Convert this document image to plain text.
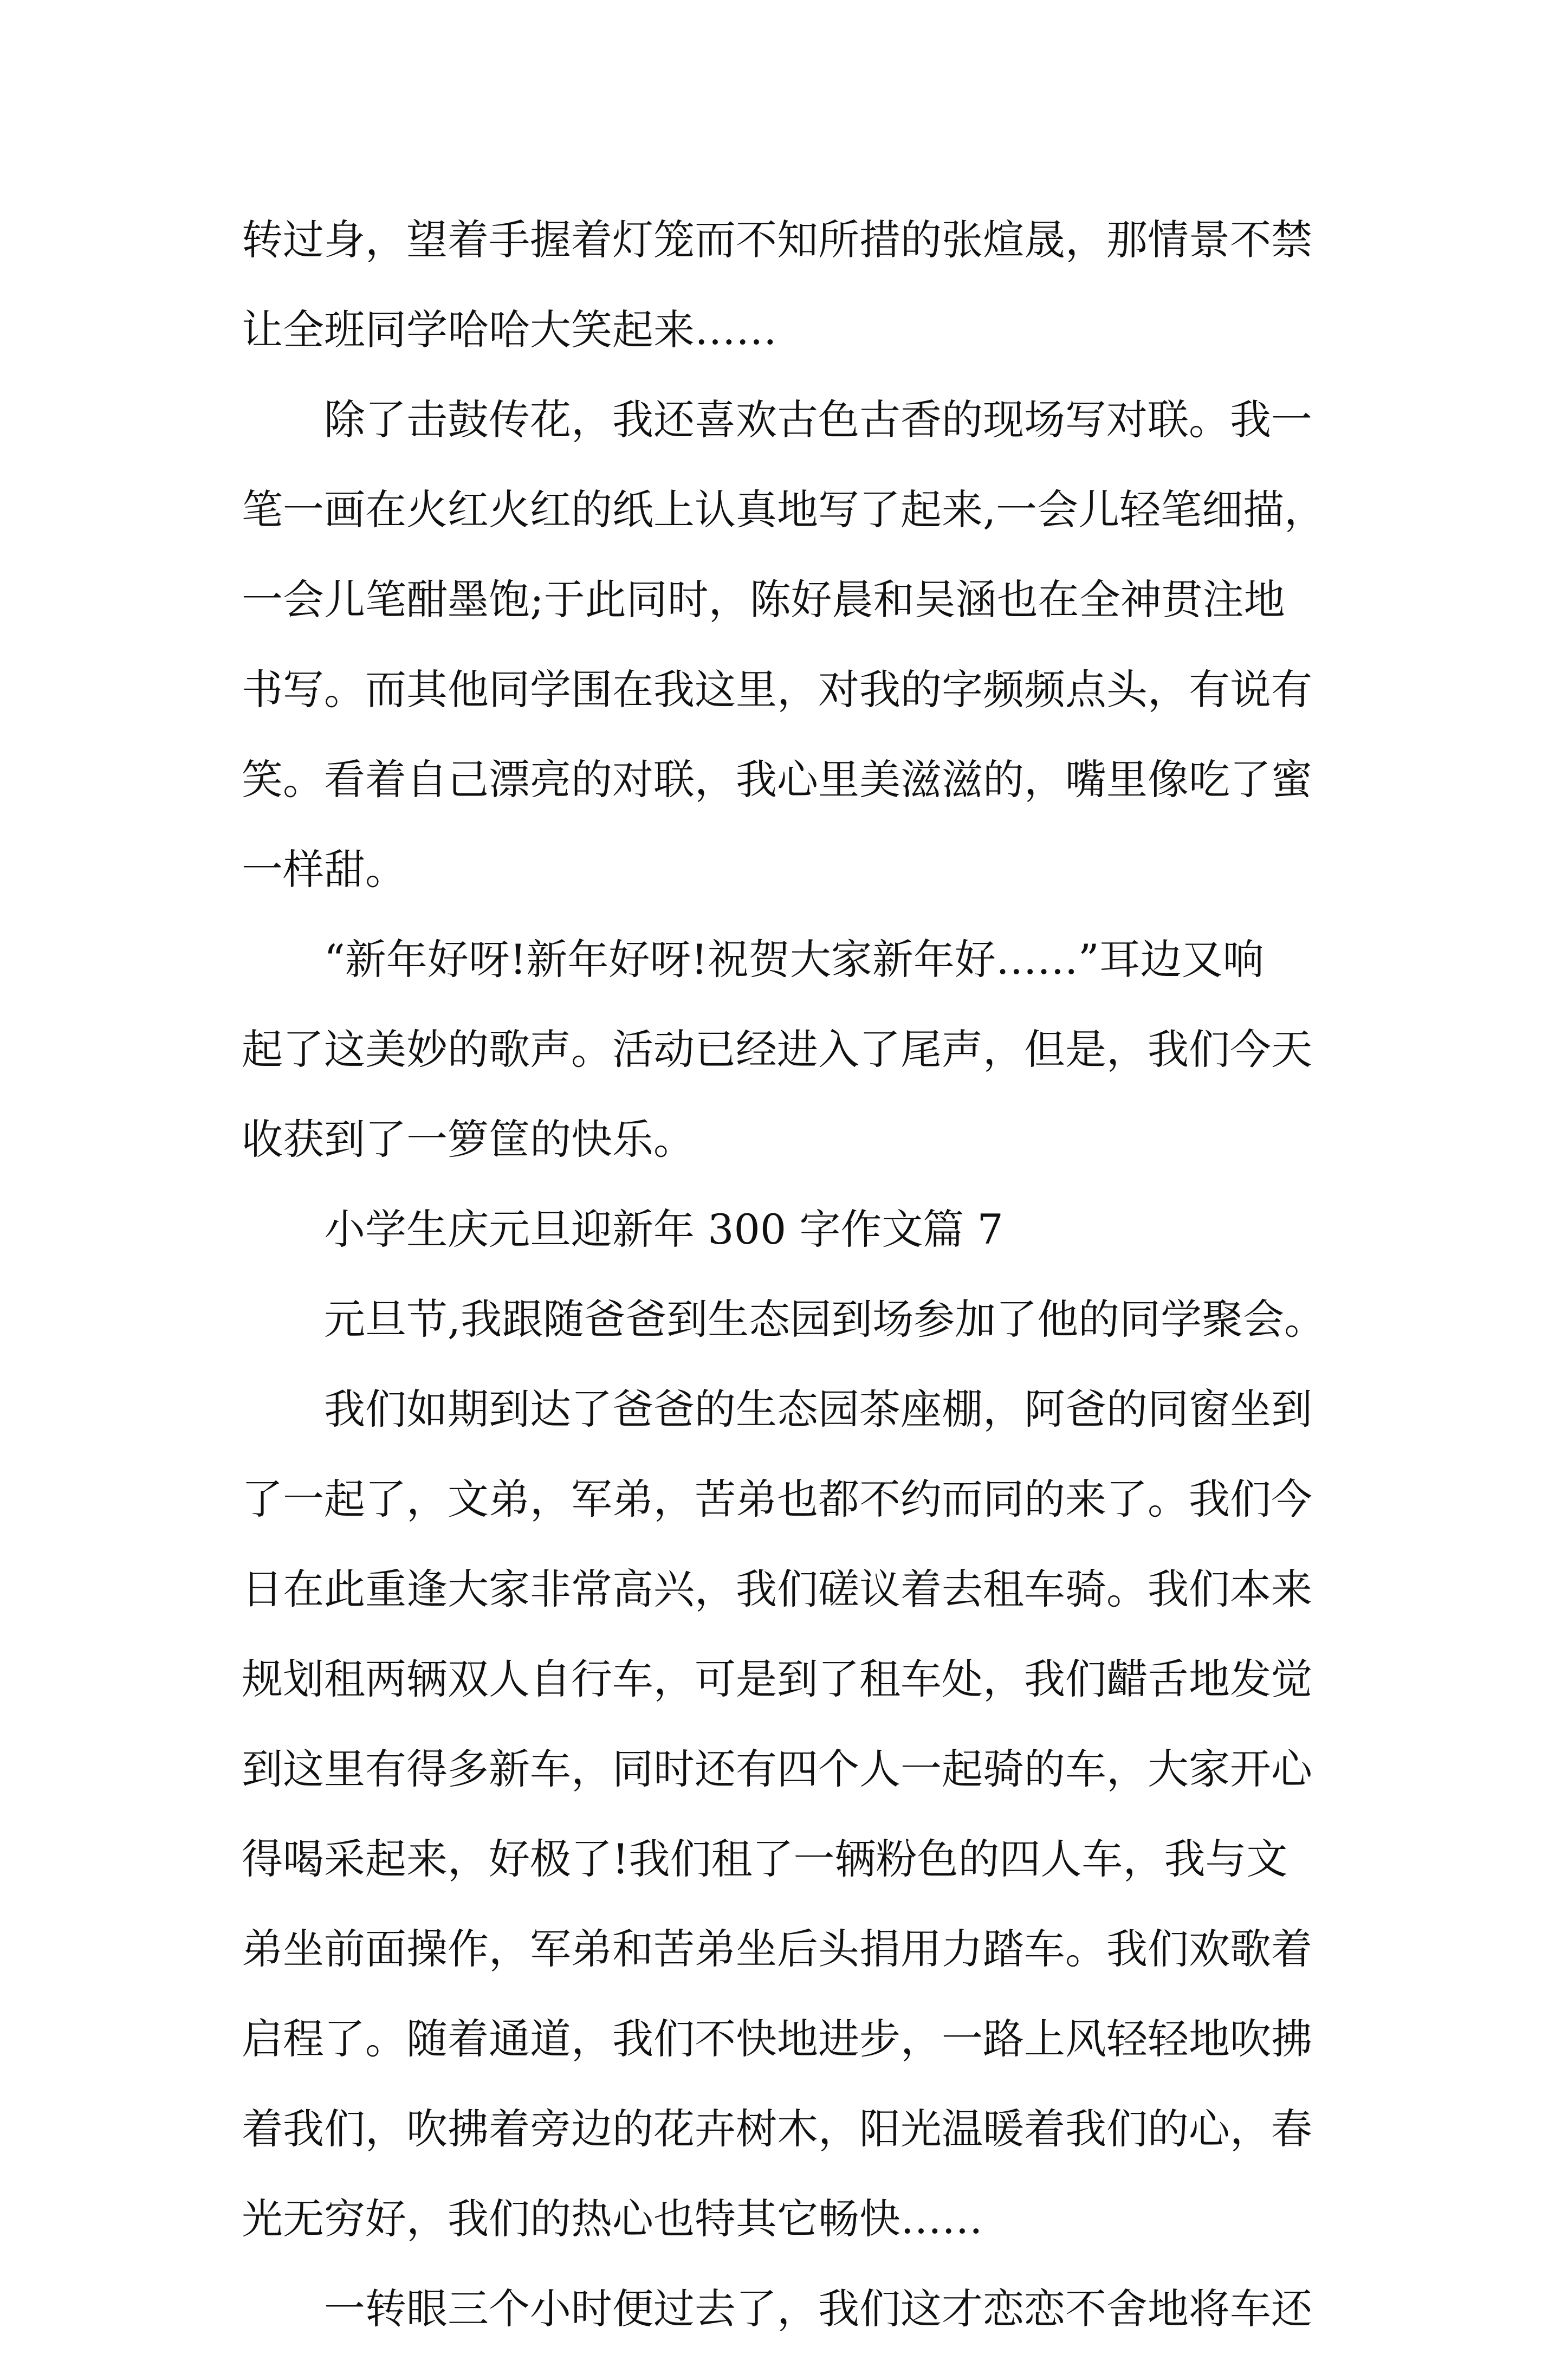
转过身，望着手握着灯笼而不知所措的张煊晟，那情景不禁
让全班同学哈哈大笑起来……
除了击鼓传花，我还喜欢古色古香的现场写对联。我一
笔一画在火红火红的纸上认真地写了起来,一会儿轻笔细描，
一会儿笔酣墨饱;于此同时，陈好晨和吴涵也在全神贯注地
书写。而其他同学围在我这里，对我的字频频点头，有说有
笑。看着自己漂亮的对联，我心里美滋滋的，嘴里像吃了蜜
一样甜。
“新年好呀!新年好呀!祝贺大家新年好……”耳边又响
起了这美妙的歌声。活动已经进入了尾声，但是，我们今天
收获到了一箩筐的快乐。
小学生庆元旦迎新年 300 字作文篇 7
元旦节,我跟随爸爸到生态园到场参加了他的同学聚会。
我们如期到达了爸爸的生态园茶座棚，阿爸的同窗坐到
了一起了，文弟，军弟，苦弟也都不约而同的来了。我们今
日在此重逢大家非常高兴，我们磋议着去租车骑。我们本来
规划租两辆双人自行车，可是到了租车处，我们齰舌地发觉
到这里有得多新车，同时还有四个人一起骑的车，大家开心
得喝采起来，好极了!我们租了一辆粉色的四人车，我与文
弟坐前面操作，军弟和苦弟坐后头捐用力踏车。我们欢歌着
启程了。随着通道，我们不快地进步，一路上风轻轻地吹拂
着我们，吹拂着旁边的花卉树木，阳光温暖着我们的心，春
光无穷好，我们的热心也特其它畅快……
一转眼三个小时便过去了，我们这才恋恋不舍地将车还
